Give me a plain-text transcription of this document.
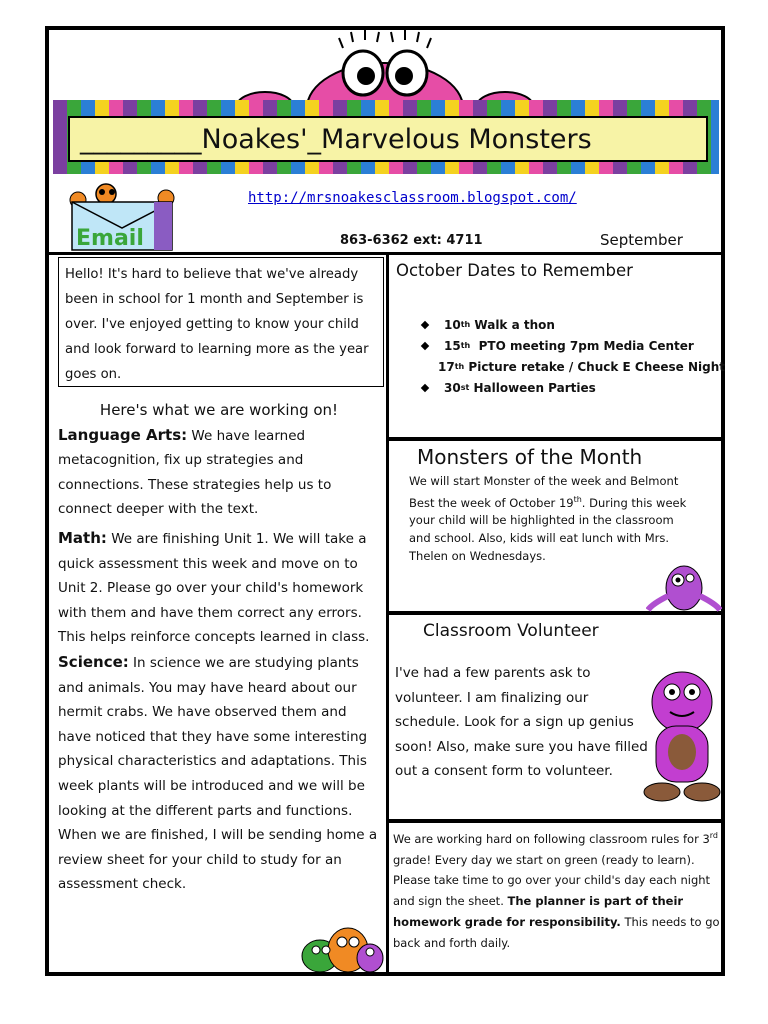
_________Noakes'_Marvelous Monsters
Email
http://mrsnoakesclassroom.blogspot.com/
863-6362 ext: 4711	September
Hello! It's hard to believe that we've already been in school for 1 month and September is over. I've enjoyed getting to know your child and look forward to learning more as the year goes on.
Here's what we are working on!
Language Arts: We have learned metacognition, fix up strategies and connections. These strategies help us to connect deeper with the text.
Math: We are finishing Unit 1. We will take a quick assessment this week and move on to Unit 2. Please go over your child's homework with them and have them correct any errors. This helps reinforce concepts learned in class.
Science: In science we are studying plants and animals. You may have heard about our hermit crabs. We have observed them and have noticed that they have some interesting physical characteristics and adaptations. This week plants will be introduced and we will be looking at the different parts and functions. When we are finished, I will be sending home a review sheet for your child to study for an assessment check.
October Dates to Remember
10 th Walk a thon
15 th PTO meeting 7pm Media Center
17 th Picture retake / Chuck E Cheese Night
30 st Halloween Parties
Monsters of the Month
We will start Monster of the week and Belmont Best the week of October 19th. During this week your child will be highlighted in the classroom and school. Also, kids will eat lunch with Mrs. Thelen on Wednesdays.
Classroom Volunteer
I've had a few parents ask to volunteer. I am finalizing our schedule. Look for a sign up genius soon! Also, make sure you have filled out a consent form to volunteer.
We are working hard on following classroom rules for 3rd grade! Every day we start on green (ready to learn). Please take time to go over your child's day each night and sign the sheet. The planner is part of their homework grade for responsibility. This needs to go back and forth daily.
